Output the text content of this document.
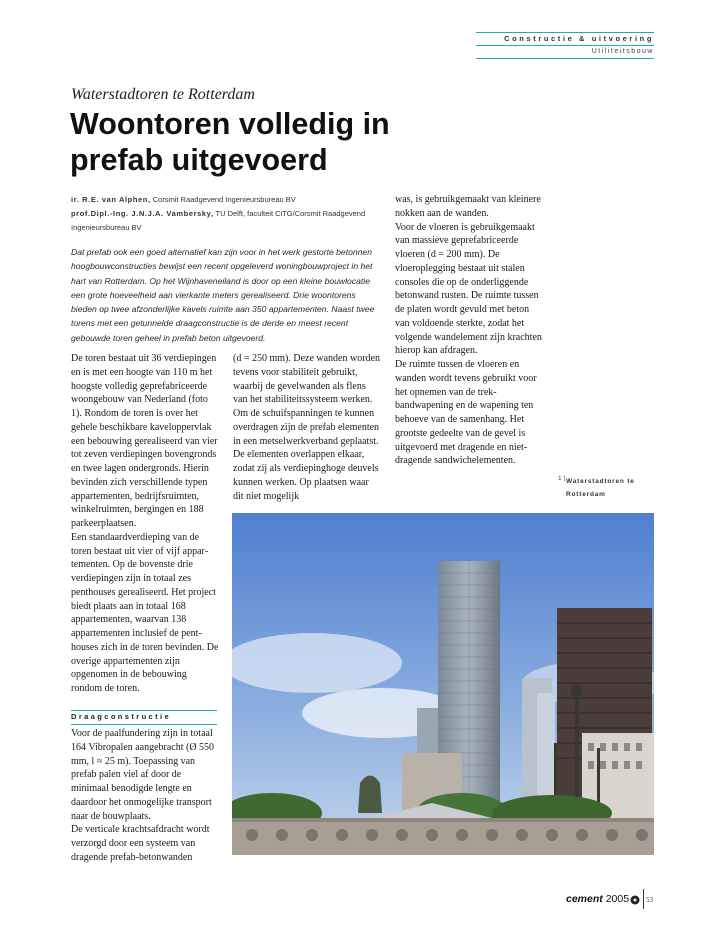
Constructie & uitvoering
Utiliteitsbouw
Waterstadtoren te Rotterdam
Woontoren volledig in
prefab uitgevoerd
ir. R.E. van Alphen, Corsmit Raadgevend Ingenieursbureau BV
prof.Dipl.-Ing. J.N.J.A. Vambersky, TU Delft, faculteit CiTG/Corsmit Raadgevend Ingenieursbureau BV
Dat prefab ook een goed alternatief kan zijn voor in het werk gestorte betonnen hoogbouwconstructies bewijst een recent opgeleverd woningbouwproject in het hart van Rotterdam. Op het Wijnhaveneiland is door op een kleine bouwlocatie een grote hoeveelheid aan vierkante meters gerealiseerd. Drie woontorens bieden op twee afzonderlijke kavels ruimte aan 350 appartementen. Naast twee torens met een getunnelde draagconstructie is de derde en meest recent gebouwde toren geheel in prefab beton uitgevoerd.
De toren bestaat uit 36 verdiepingen en is met een hoogte van 110 m het hoogste volledig geprefabriceerde woongebouw van Nederland (foto 1). Rondom de toren is over het gehele beschikbare kaveloppervlak een bebouwing gerealiseerd van vier tot zeven verdiepingen bovengronds en twee lagen ondergronds. Hierin bevinden zich verschillende typen appartementen, bedrijfsruimten, winkelruimten, bergingen en 188 parkeerplaatsen.
Een standaardverdieping van de toren bestaat uit vier of vijf appartementen. Op de bovenste drie verdiepingen zijn in totaal zes penthouses gerealiseerd. Het project biedt plaats aan in totaal 168 appartementen, waarvan 138 appartementen inclusief de penthouses zich in de toren bevinden. De overige appartementen zijn opgenomen in de bebouwing rondom de toren.
(d = 250 mm). Deze wanden worden tevens voor stabiliteit gebruikt, waarbij de gevelwanden als flens van het stabiliteitssysteem werken. Om de schuifspanningen te kunnen overdragen zijn de prefab elementen in een metselwerkverband geplaatst. De elementen overlappen elkaar, zodat zij als verdiepinghoge deuvels kunnen werken. Op plaatsen waar dit niet mogelijk
was, is gebruikgemaakt van kleinere nokken aan de wanden.
Voor de vloeren is gebruikgemaakt van massieve geprefabriceerde vloeren (d = 200 mm). De vloeroplegging bestaat uit stalen consoles die op de onderliggende betonwand rusten. De ruimte tussen de platen wordt gevuld met beton van voldoende sterkte, zodat het volgende wandelement zijn krachten hierop kan afdragen.
De ruimte tussen de vloeren en wanden wordt tevens gebruikt voor het opnemen van de trekbandwapening en de wapening ten behoeve van de samenhang. Het grootste gedeelte van de gevel is uitgevoerd met dragende en niet-dragende sandwichelementen.
Draagconstructie
Voor de paalfundering zijn in totaal 164 Vibropalen aangebracht (Ø 550 mm, l ≈ 25 m). Toepassing van prefab palen viel af door de minimaal benodigde lengte en daardoor het onmogelijke transport naar de bouwplaats.
De verticale krachtsafdracht wordt verzorgd door een systeem van dragende prefab-betonwanden
1 | Waterstadtoren te Rotterdam
cement 2005 53
